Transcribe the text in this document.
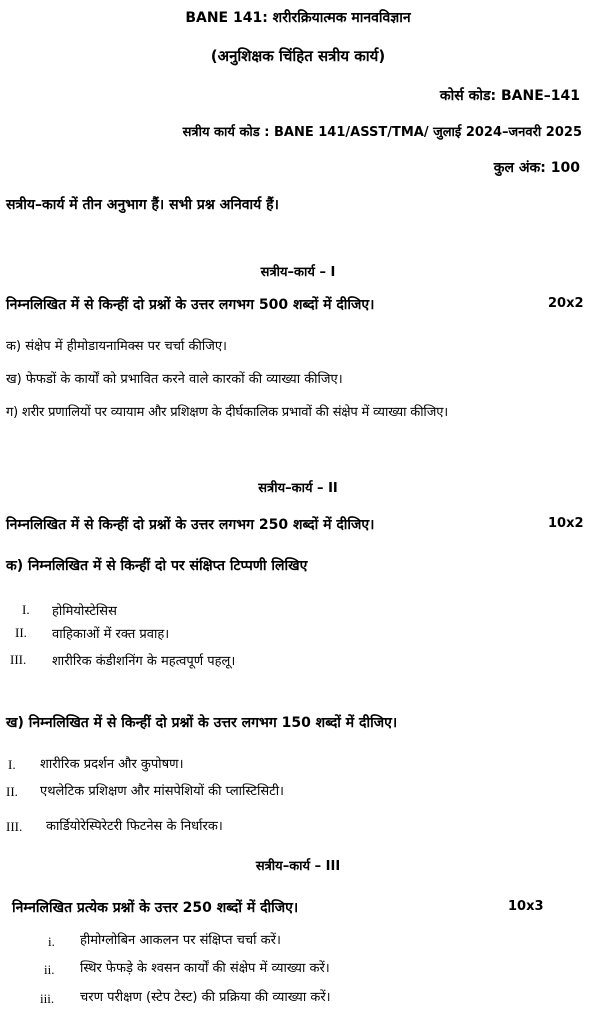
BANE 141: शरीरक्रियात्मक मानवविज्ञान
(अनुशिक्षक चिंहित सत्रीय कार्य)
कोर्स कोड: BANE–141
सत्रीय कार्य कोड : BANE 141/ASST/TMA/ जुलाई 2024–जनवरी 2025
कुल अंक: 100
सत्रीय–कार्य में तीन अनुभाग हैं। सभी प्रश्न अनिवार्य हैं।
सत्रीय–कार्य – I
निम्नलिखित में से किन्हीं दो प्रश्नों के उत्तर लगभग 500 शब्दों में दीजिए।	20x2
क) संक्षेप में हीमोडायनामिक्स पर चर्चा कीजिए।
ख) फेफडों के कार्यों को प्रभावित करने वाले कारकों की व्याख्या कीजिए।
ग) शरीर प्रणालियों पर व्यायाम और प्रशिक्षण के दीर्घकालिक प्रभावों की संक्षेप में व्याख्या कीजिए।
सत्रीय–कार्य – II
निम्नलिखित में से किन्हीं दो प्रश्नों के उत्तर लगभग 250 शब्दों में दीजिए।	10x2
क) निम्नलिखित में से किन्हीं दो पर संक्षिप्त टिप्पणी लिखिए
I. होमियोस्टेसिस
II. वाहिकाओं में रक्त प्रवाह।
III. शारीरिक कंडीशनिंग के महत्वपूर्ण पहलू।
ख) निम्नलिखित में से किन्हीं दो प्रश्नों के उत्तर लगभग 150 शब्दों में दीजिए।
I. शारीरिक प्रदर्शन और कुपोषण।
II. एथलेटिक प्रशिक्षण और मांसपेशियों की प्लास्टिसिटी।
III. कार्डियोरेस्पिरेटरी फिटनेस के निर्धारक।
सत्रीय–कार्य – III
निम्नलिखित प्रत्येक प्रश्नों के उत्तर 250 शब्दों में दीजिए।	10x3
i. हीमोग्लोबिन आकलन पर संक्षिप्त चर्चा करें।
ii. स्थिर फेफड़े के श्वसन कार्यों की संक्षेप में व्याख्या करें।
iii. चरण परीक्षण (स्टेप टेस्ट) की प्रक्रिया की व्याख्या करें।
